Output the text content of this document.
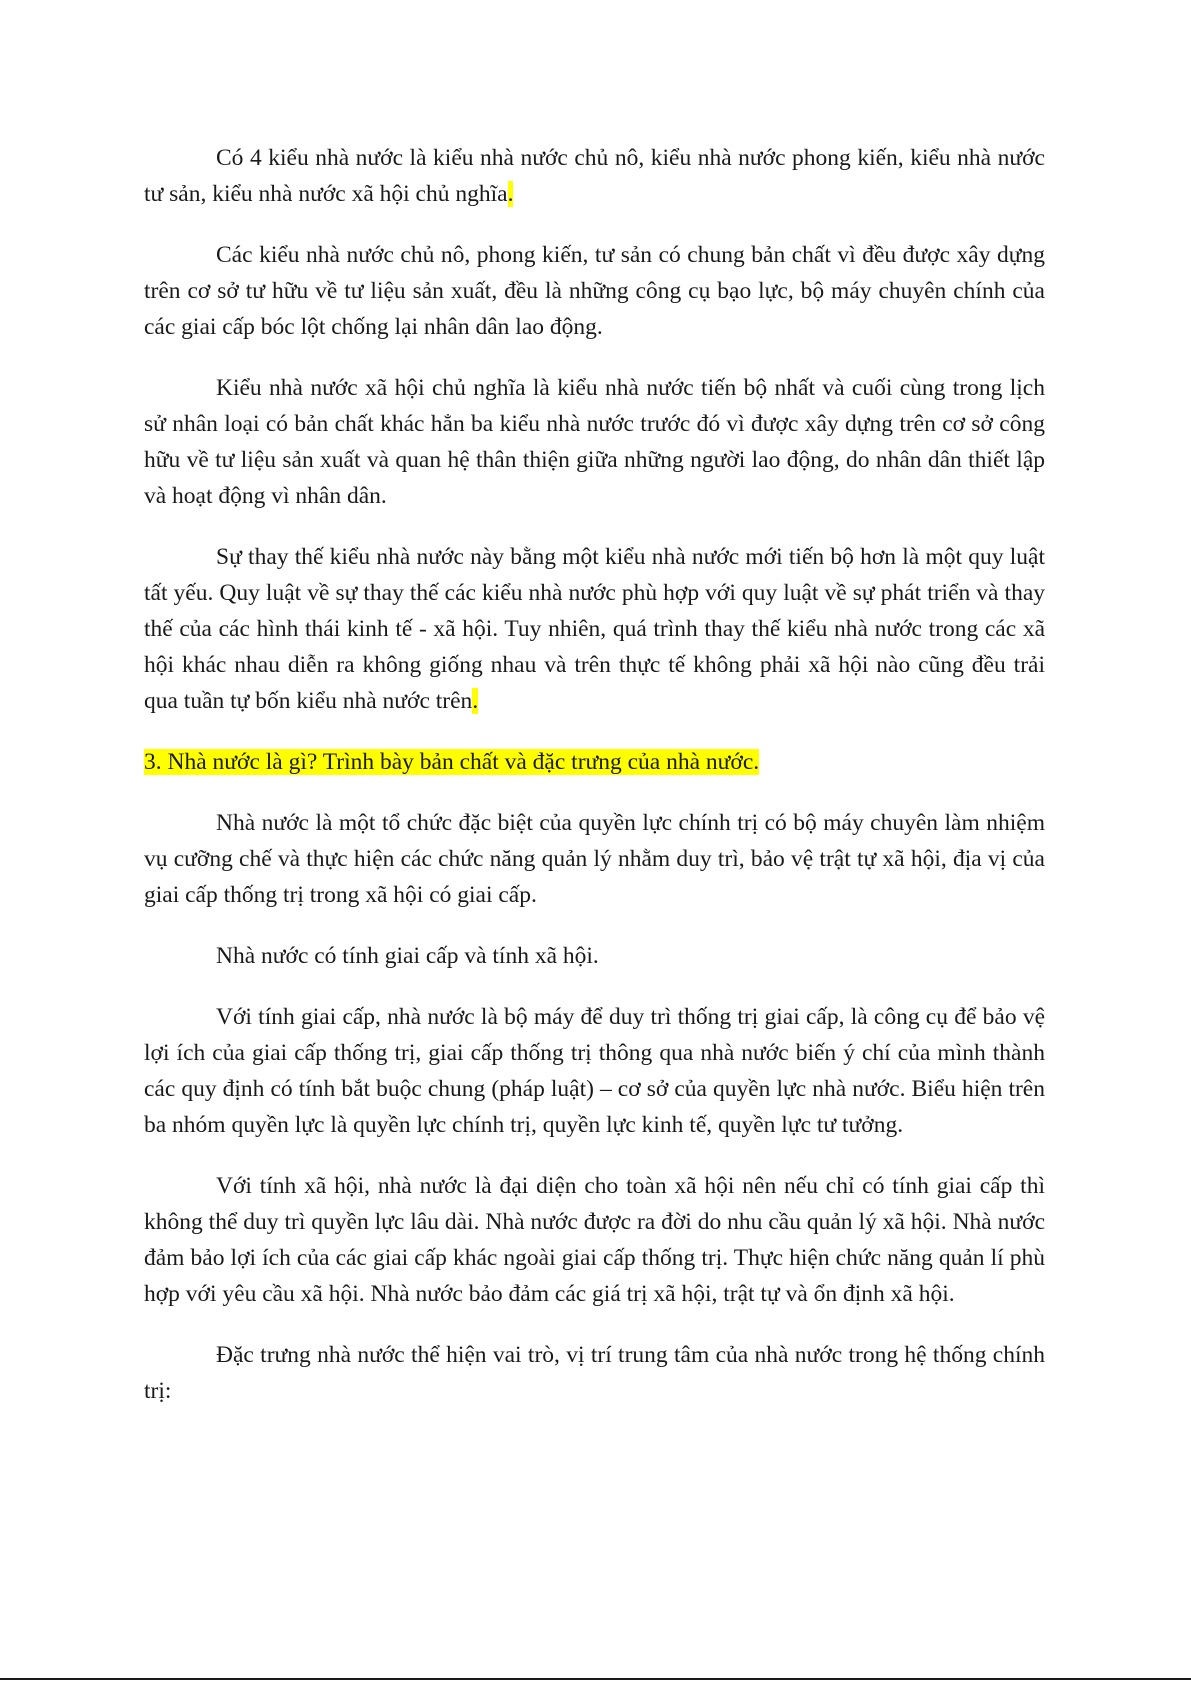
Có 4 kiểu nhà nước là kiểu nhà nước chủ nô, kiểu nhà nước phong kiến, kiểu nhà nước tư sản, kiểu nhà nước xã hội chủ nghĩa.

Các kiểu nhà nước chủ nô, phong kiến, tư sản có chung bản chất vì đều được xây dựng trên cơ sở tư hữu về tư liệu sản xuất, đều là những công cụ bạo lực, bộ máy chuyên chính của các giai cấp bóc lột chống lại nhân dân lao động.

Kiểu nhà nước xã hội chủ nghĩa là kiểu nhà nước tiến bộ nhất và cuối cùng trong lịch sử nhân loại có bản chất khác hẳn ba kiểu nhà nước trước đó vì được xây dựng trên cơ sở công hữu về tư liệu sản xuất và quan hệ thân thiện giữa những người lao động, do nhân dân thiết lập và hoạt động vì nhân dân.

Sự thay thế kiểu nhà nước này bằng một kiểu nhà nước mới tiến bộ hơn là một quy luật tất yếu. Quy luật về sự thay thế các kiểu nhà nước phù hợp với quy luật về sự phát triển và thay thế của các hình thái kinh tế - xã hội. Tuy nhiên, quá trình thay thế kiểu nhà nước trong các xã hội khác nhau diễn ra không giống nhau và trên thực tế không phải xã hội nào cũng đều trải qua tuần tự bốn kiểu nhà nước trên.

3. Nhà nước là gì? Trình bày bản chất và đặc trưng của nhà nước.

Nhà nước là một tổ chức đặc biệt của quyền lực chính trị có bộ máy chuyên làm nhiệm vụ cưỡng chế và thực hiện các chức năng quản lý nhằm duy trì, bảo vệ trật tự xã hội, địa vị của giai cấp thống trị trong xã hội có giai cấp.

Nhà nước có tính giai cấp và tính xã hội.

Với tính giai cấp, nhà nước là bộ máy để duy trì thống trị giai cấp, là công cụ để bảo vệ lợi ích của giai cấp thống trị, giai cấp thống trị thông qua nhà nước biến ý chí của mình thành các quy định có tính bắt buộc chung (pháp luật) – cơ sở của quyền lực nhà nước. Biểu hiện trên ba nhóm quyền lực là quyền lực chính trị, quyền lực kinh tế, quyền lực tư tưởng.

Với tính xã hội, nhà nước là đại diện cho toàn xã hội nên nếu chỉ có tính giai cấp thì không thể duy trì quyền lực lâu dài. Nhà nước được ra đời do nhu cầu quản lý xã hội. Nhà nước đảm bảo lợi ích của các giai cấp khác ngoài giai cấp thống trị. Thực hiện chức năng quản lí phù hợp với yêu cầu xã hội. Nhà nước bảo đảm các giá trị xã hội, trật tự và ổn định xã hội.

Đặc trưng nhà nước thể hiện vai trò, vị trí trung tâm của nhà nước trong hệ thống chính trị:
